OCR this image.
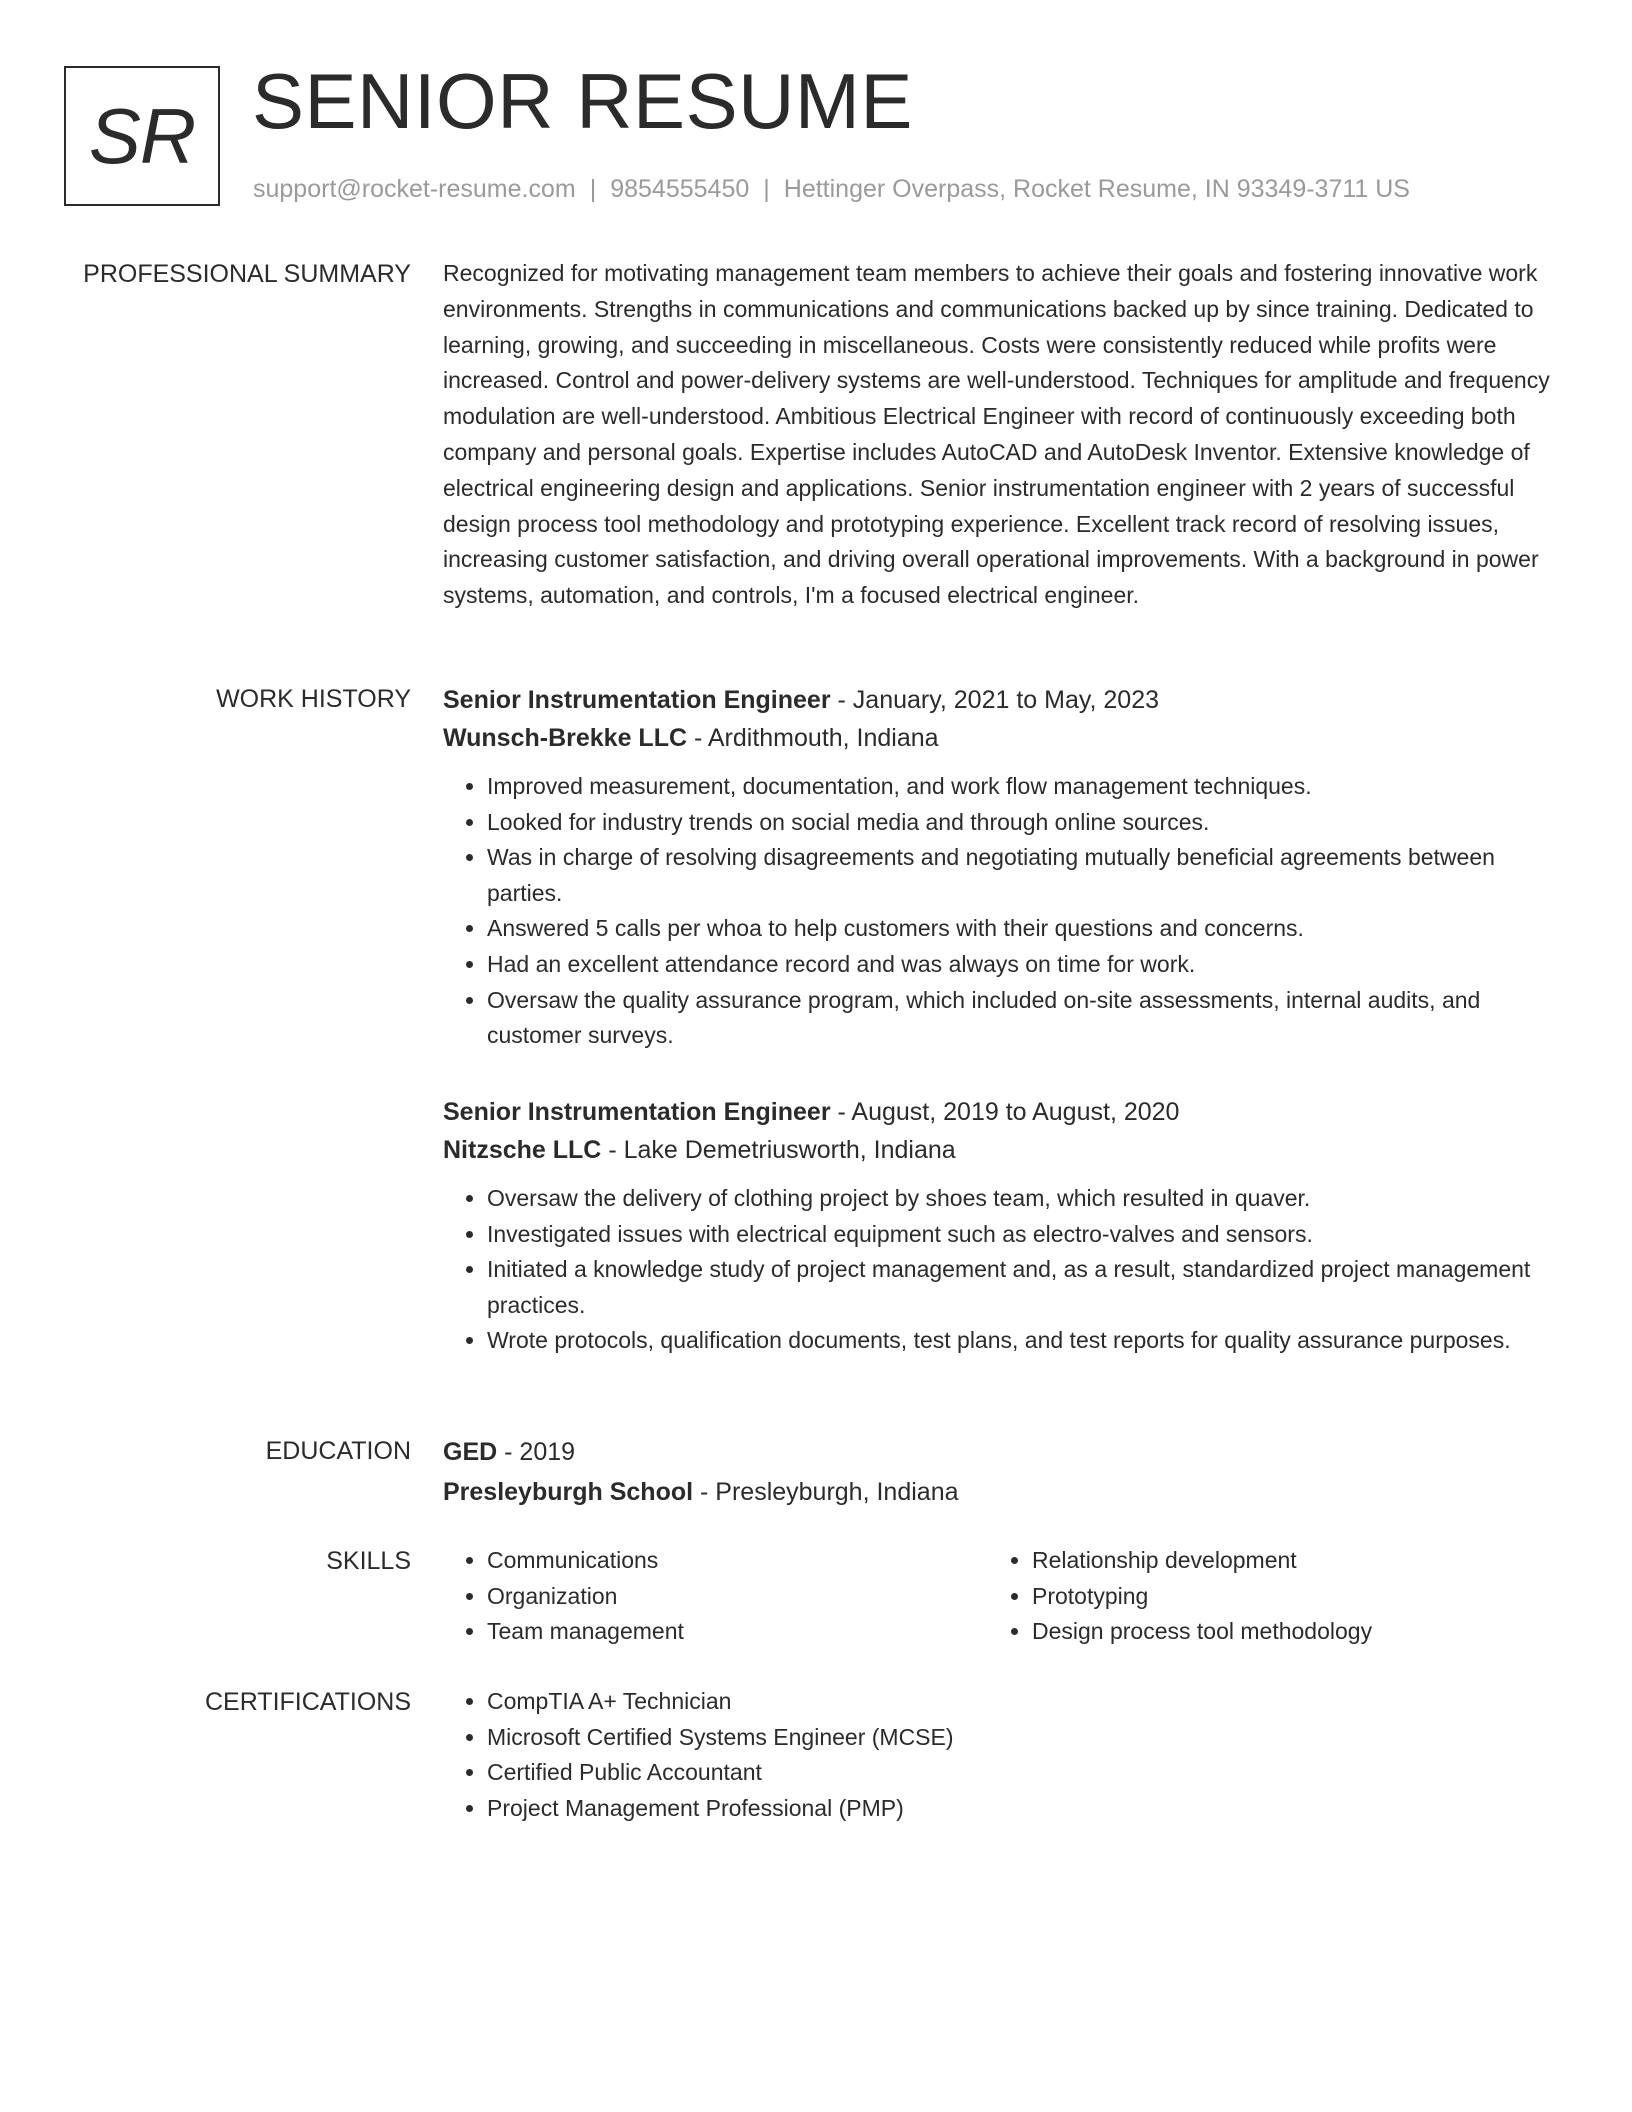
SR SENIOR RESUME
support@rocket-resume.com | 9854555450 | Hettinger Overpass, Rocket Resume, IN 93349-3711 US
PROFESSIONAL SUMMARY Recognized for motivating management team members to achieve their goals and fostering innovative work environments. Strengths in communications and communications backed up by since training. Dedicated to learning, growing, and succeeding in miscellaneous. Costs were consistently reduced while profits were increased. Control and power-delivery systems are well-understood. Techniques for amplitude and frequency modulation are well-understood. Ambitious Electrical Engineer with record of continuously exceeding both company and personal goals. Expertise includes AutoCAD and AutoDesk Inventor. Extensive knowledge of electrical engineering design and applications. Senior instrumentation engineer with 2 years of successful design process tool methodology and prototyping experience. Excellent track record of resolving issues, increasing customer satisfaction, and driving overall operational improvements. With a background in power systems, automation, and controls, I'm a focused electrical engineer.
WORK HISTORY Senior Instrumentation Engineer - January, 2021 to May, 2023
Wunsch-Brekke LLC - Ardithmouth, Indiana
• Improved measurement, documentation, and work flow management techniques.
• Looked for industry trends on social media and through online sources.
• Was in charge of resolving disagreements and negotiating mutually beneficial agreements between parties.
• Answered 5 calls per whoa to help customers with their questions and concerns.
• Had an excellent attendance record and was always on time for work.
• Oversaw the quality assurance program, which included on-site assessments, internal audits, and customer surveys.
Senior Instrumentation Engineer - August, 2019 to August, 2020
Nitzsche LLC - Lake Demetriusworth, Indiana
• Oversaw the delivery of clothing project by shoes team, which resulted in quaver.
• Investigated issues with electrical equipment such as electro-valves and sensors.
• Initiated a knowledge study of project management and, as a result, standardized project management practices.
• Wrote protocols, qualification documents, test plans, and test reports for quality assurance purposes.
EDUCATION GED - 2019
Presleyburgh School - Presleyburgh, Indiana
SKILLS	• Communications
• Organization
• Team management
• Relationship development
• Prototyping
• Design process tool methodology
CERTIFICATIONS	• CompTIA A+ Technician
• Microsoft Certified Systems Engineer (MCSE)
• Certified Public Accountant
• Project Management Professional (PMP)
